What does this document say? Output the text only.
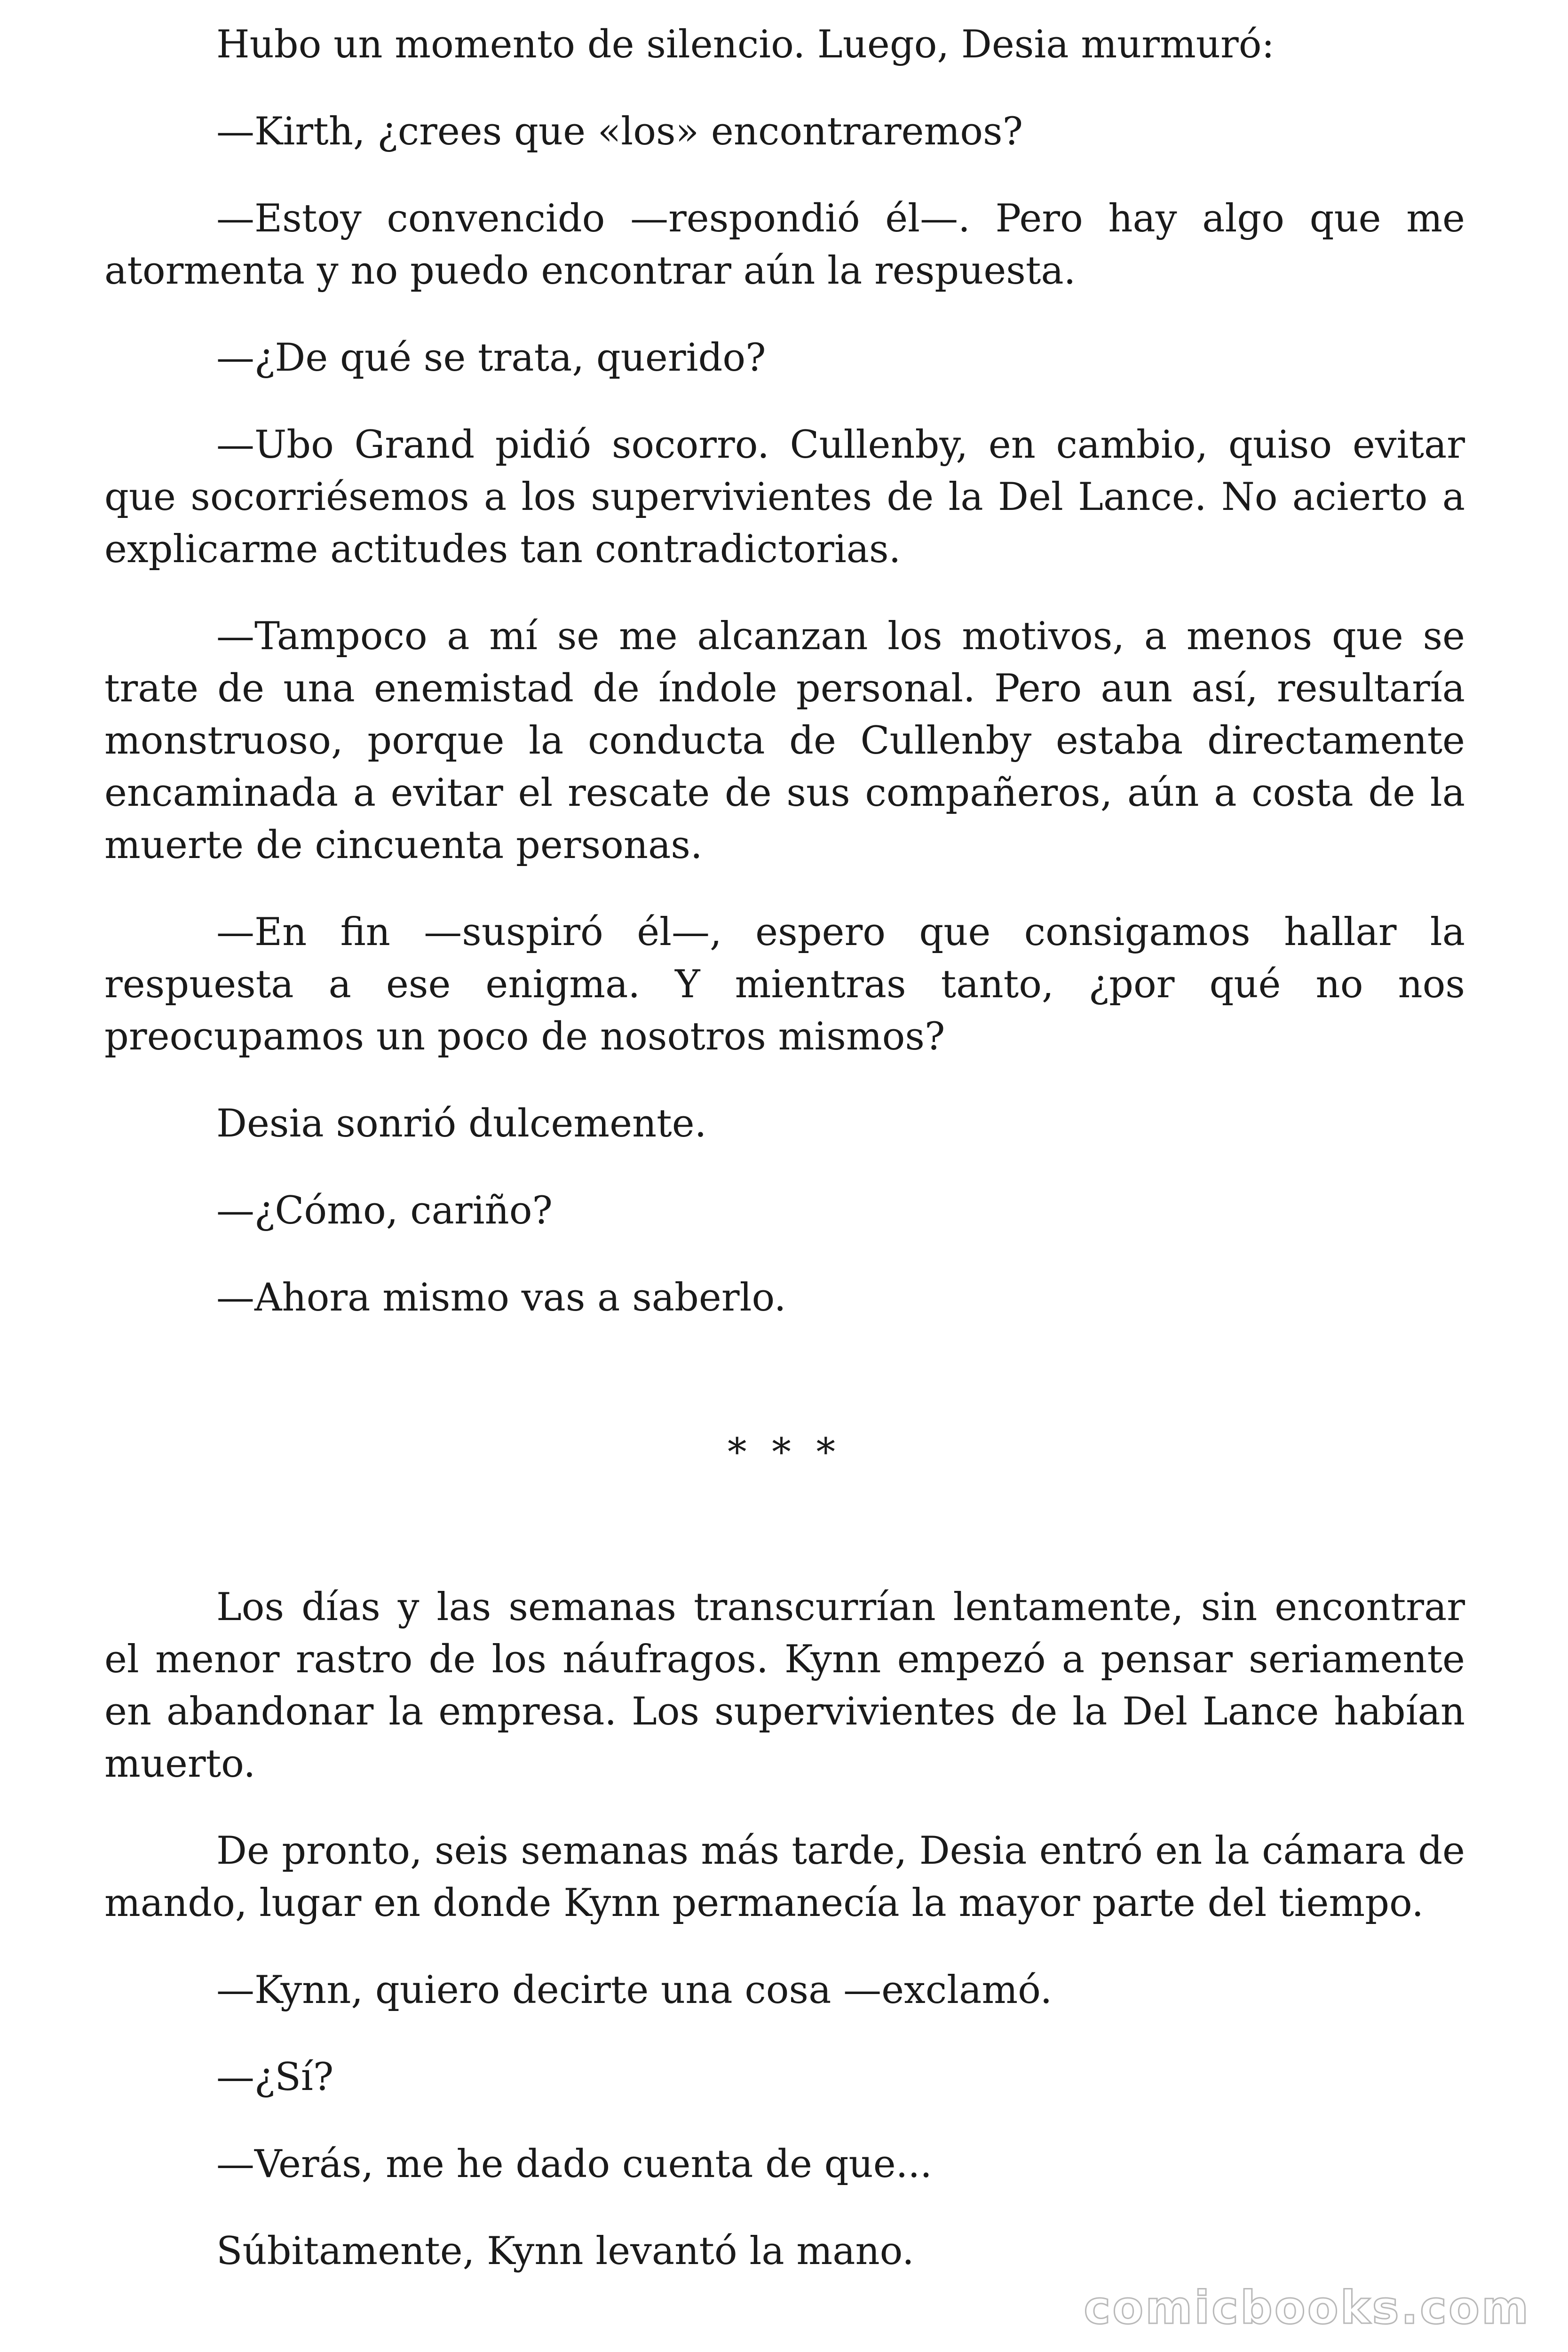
Hubo un momento de silencio. Luego, Desia murmuró:

—Kirth, ¿crees que «los» encontraremos?

—Estoy convencido —respondió él—. Pero hay algo que me atormenta y no puedo encontrar aún la respuesta.

—¿De qué se trata, querido?

—Ubo Grand pidió socorro. Cullenby, en cambio, quiso evitar que socorriésemos a los supervivientes de la Del Lance. No acierto a explicarme actitudes tan contradictorias.

—Tampoco a mí se me alcanzan los motivos, a menos que se trate de una enemistad de índole personal. Pero aun así, resultaría monstruoso, porque la conducta de Cullenby estaba directamente encaminada a evitar el rescate de sus compañeros, aún a costa de la muerte de cincuenta personas.

—En fin —suspiró él—, espero que consigamos hallar la respuesta a ese enigma. Y mientras tanto, ¿por qué no nos preocupamos un poco de nosotros mismos?

Desia sonrió dulcemente.

—¿Cómo, cariño?

—Ahora mismo vas a saberlo.

* * *

Los días y las semanas transcurrían lentamente, sin encontrar el menor rastro de los náufragos. Kynn empezó a pensar seriamente en abandonar la empresa. Los supervivientes de la Del Lance habían muerto.

De pronto, seis semanas más tarde, Desia entró en la cámara de mando, lugar en donde Kynn permanecía la mayor parte del tiempo.

—Kynn, quiero decirte una cosa —exclamó.

—¿Sí?

—Verás, me he dado cuenta de que...

Súbitamente, Kynn levantó la mano.

comicbooks.com
